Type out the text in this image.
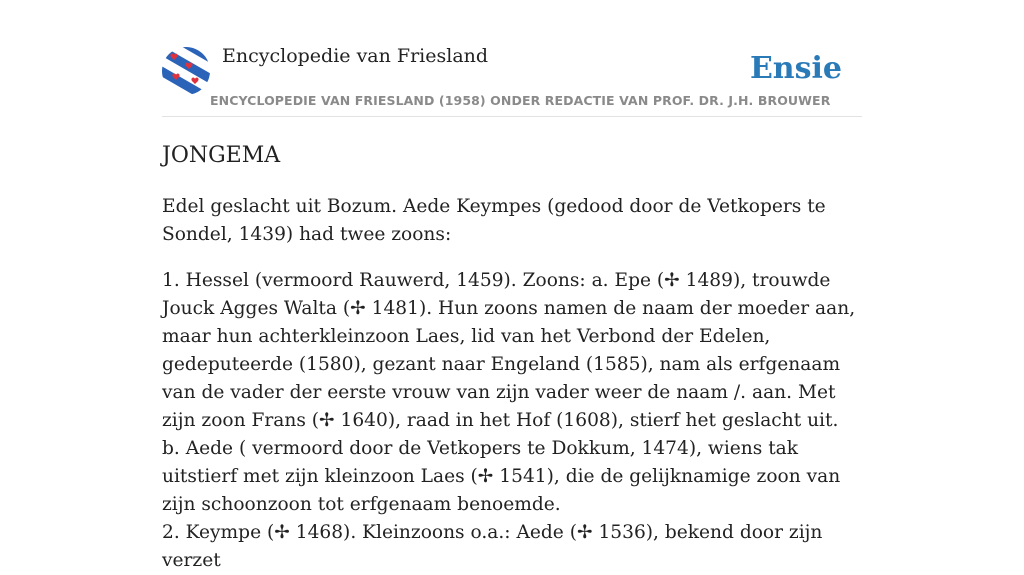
Encyclopedie van Friesland	Ensie
ENCYCLOPEDIE VAN FRIESLAND (1958) ONDER REDACTIE VAN PROF. DR. J.H. BROUWER
JONGEMA

Edel geslacht uit Bozum. Aede Keympes (gedood door de Vetkopers te Sondel, 1439) had twee zoons:

1. Hessel (vermoord Rauwerd, 1459). Zoons: a. Epe (✢ 1489), trouwde Jouck Agges Walta (✢ 1481). Hun zoons namen de naam der moeder aan, maar hun achterkleinzoon Laes, lid van het Verbond der Edelen, gedeputeerde (1580), gezant naar Engeland (1585), nam als erfgenaam van de vader der eerste vrouw van zijn vader weer de naam /. aan. Met zijn zoon Frans (✢ 1640), raad in het Hof (1608), stierf het geslacht uit. b. Aede ( vermoord door de Vetkopers te Dokkum, 1474), wiens tak uitstierf met zijn kleinzoon Laes (✢ 1541), die de gelijknamige zoon van zijn schoonzoon tot erfgenaam benoemde.

2. Keympe (✢ 1468). Kleinzoons o.a.: Aede (✢ 1536), bekend door zijn verzet
